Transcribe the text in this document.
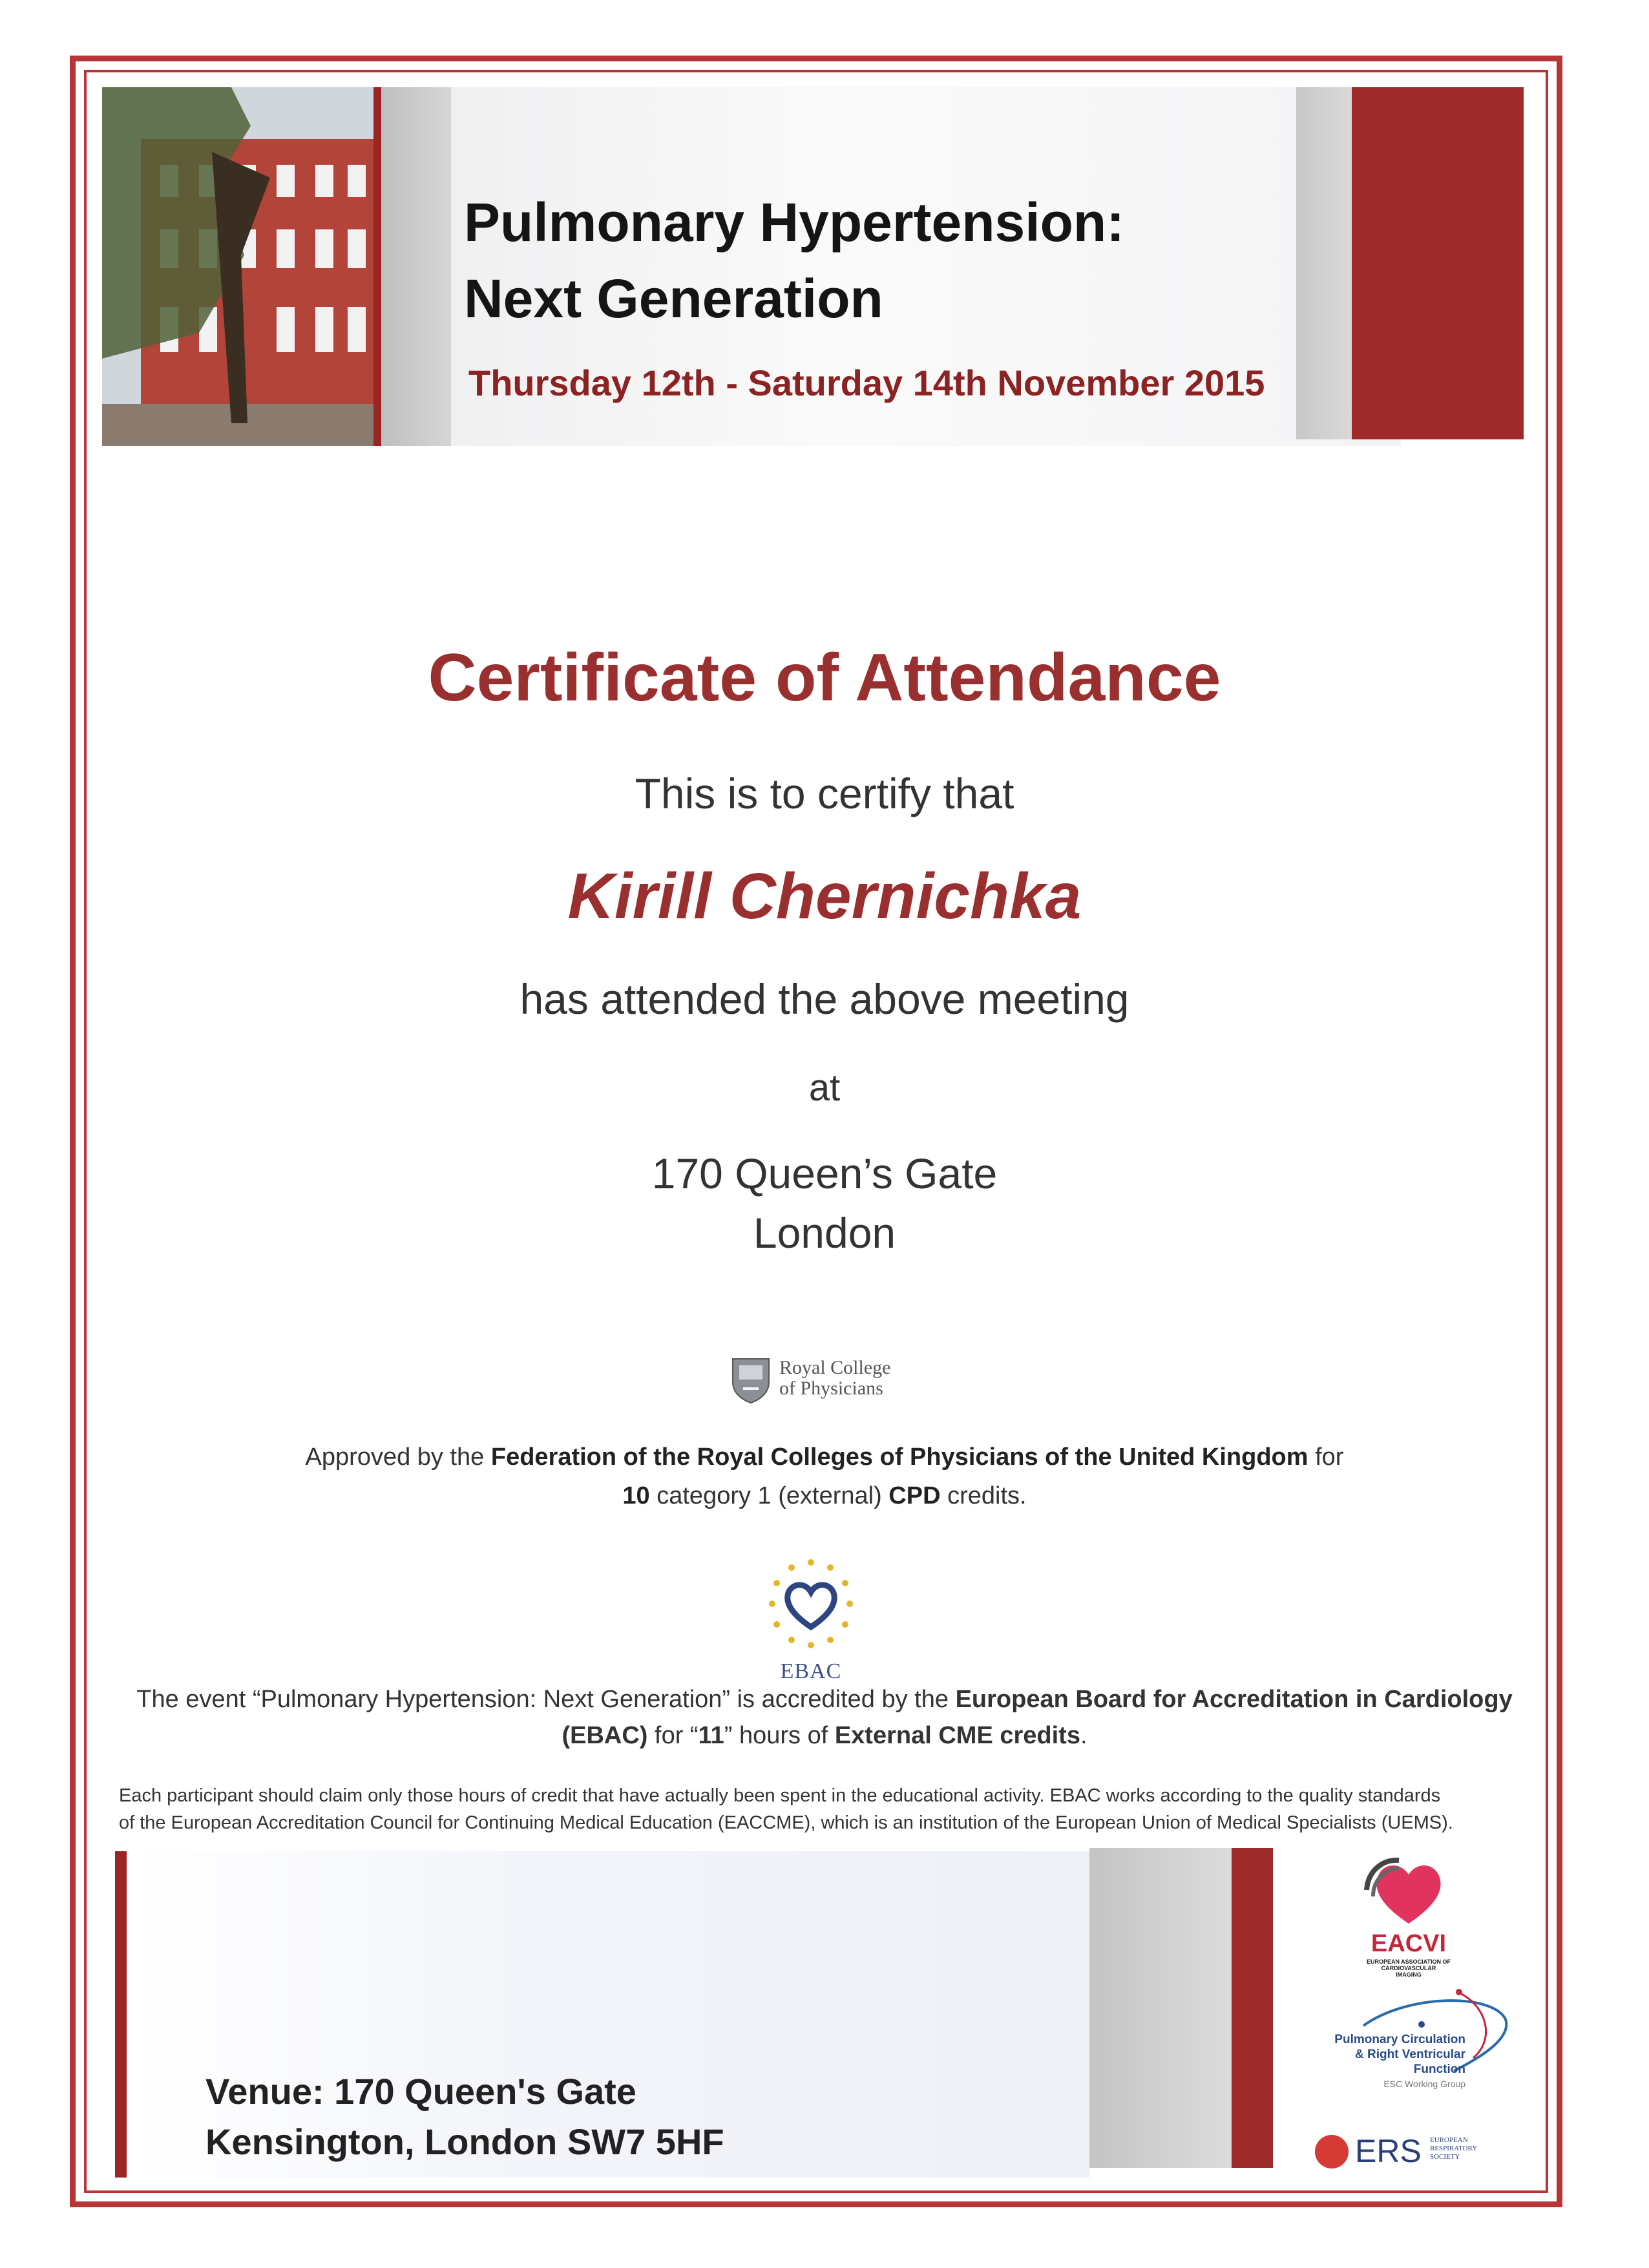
Pulmonary Hypertension:
Next Generation
Thursday 12th - Saturday 14th November 2015
Certificate of Attendance
This is to certify that
Kirill Chernichka
has attended the above meeting
at
170 Queen’s Gate
London
Royal College
of Physicians
Approved by the Federation of the Royal Colleges of Physicians of the United Kingdom for
10 category 1 (external) CPD credits.
EBAC
The event “Pulmonary Hypertension: Next Generation” is accredited by the European Board for Accreditation in Cardiology
(EBAC) for “11” hours of External CME credits.
Each participant should claim only those hours of credit that have actually been spent in the educational activity. EBAC works according to the quality standards
of the European Accreditation Council for Continuing Medical Education (EACCME), which is an institution of the European Union of Medical Specialists (UEMS).
Venue: 170 Queen's Gate
Kensington, London SW7 5HF
EACVI
EUROPEAN ASSOCIATION OF
CARDIOVASCULAR
IMAGING
Pulmonary Circulation
& Right Ventricular
Function
ESC Working Group
ERS EUROPEAN
RESPIRATORY
SOCIETY
